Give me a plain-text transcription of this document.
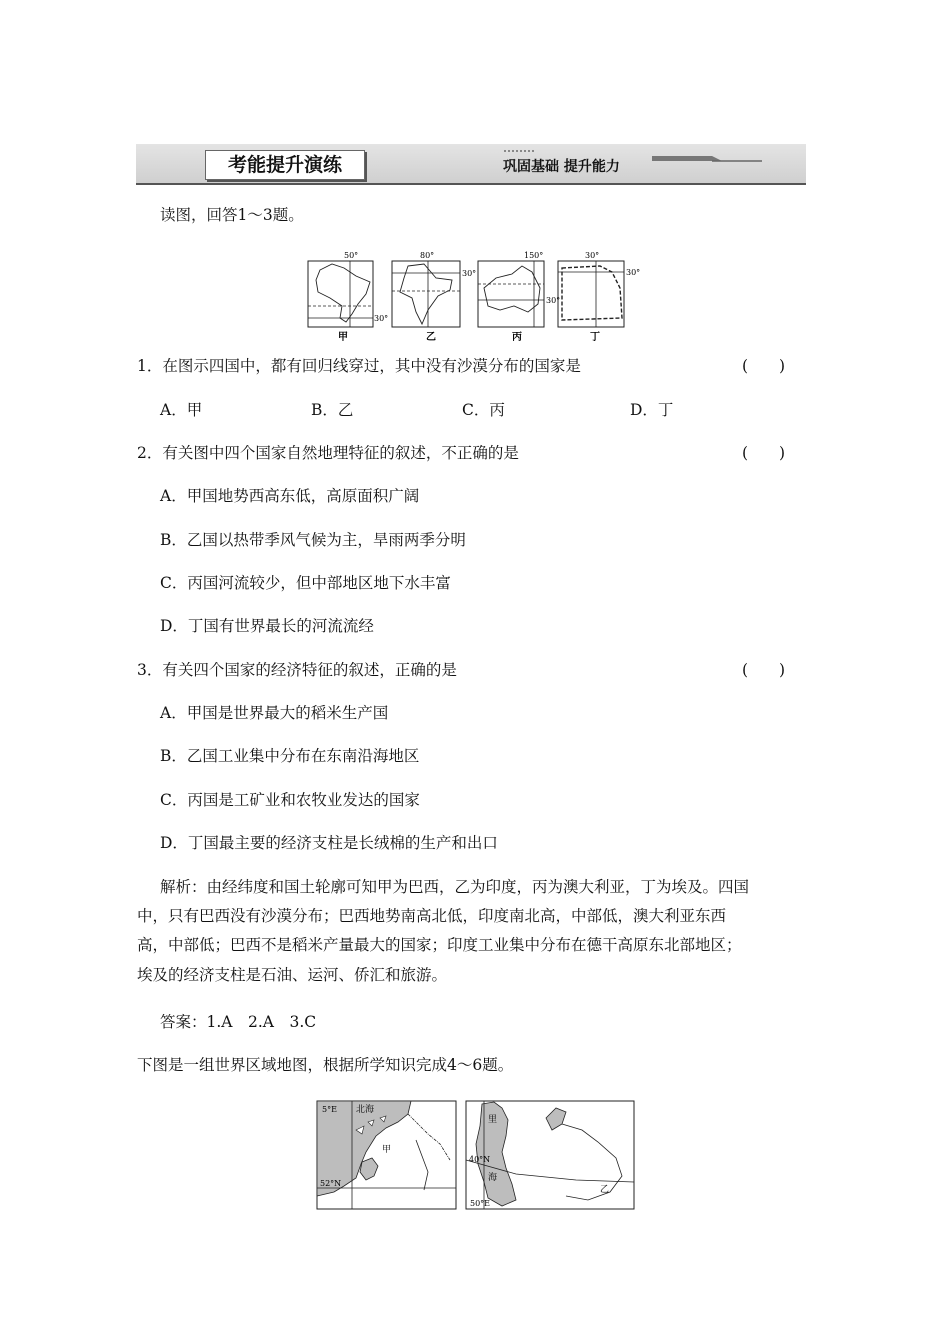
考能提升演练	巩固基础 提升能力
读图，回答1～3题。
50°
30°
甲
80°
30°
乙
150°
30°
丙
30°
30°
丁
1．在图示四国中，都有回归线穿过，其中没有沙漠分布的国家是	(　　)
A．甲	B．乙	C．丙	D．丁
2．有关图中四个国家自然地理特征的叙述，不正确的是	(　　)
A．甲国地势西高东低，高原面积广阔
B．乙国以热带季风气候为主，旱雨两季分明
C．丙国河流较少，但中部地区地下水丰富
D．丁国有世界最长的河流流经
3．有关四个国家的经济特征的叙述，正确的是	(　　)
A．甲国是世界最大的稻米生产国
B．乙国工业集中分布在东南沿海地区
C．丙国是工矿业和农牧业发达的国家
D．丁国最主要的经济支柱是长绒棉的生产和出口
解析：由经纬度和国土轮廓可知甲为巴西，乙为印度，丙为澳大利亚，丁为埃及。四国
中，只有巴西没有沙漠分布；巴西地势南高北低，印度南北高，中部低，澳大利亚东西
高，中部低；巴西不是稻米产量最大的国家；印度工业集中分布在德干高原东北部地区；
埃及的经济支柱是石油、运河、侨汇和旅游。
答案：1.A　2.A　3.C
下图是一组世界区域地图，根据所学知识完成4～6题。
5°E 北海
甲
52°N
里
海
40°N
50°E
乙
